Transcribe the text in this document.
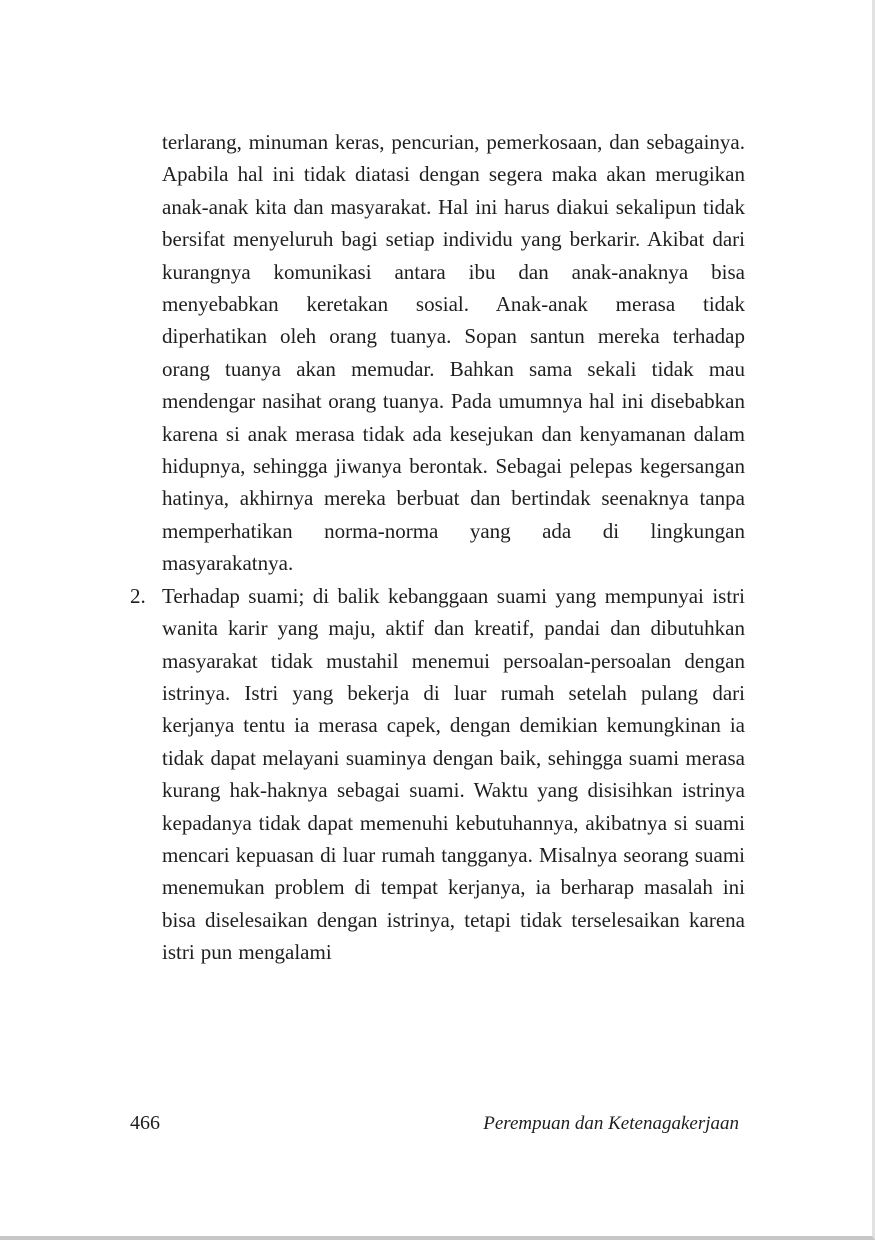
terlarang, minuman keras, pencurian, pemerkosaan, dan sebagainya. Apabila hal ini tidak diatasi dengan segera maka akan merugikan anak-anak kita dan masyarakat. Hal ini harus diakui sekalipun tidak bersifat menyeluruh bagi setiap individu yang berkarir. Akibat dari kurangnya komunikasi antara ibu dan anak-anaknya bisa menyebabkan keretakan sosial. Anak-anak merasa tidak diperhatikan oleh orang tuanya. Sopan santun mereka terhadap orang tuanya akan memudar. Bahkan sama sekali tidak mau mendengar nasihat orang tuanya. Pada umumnya hal ini disebabkan karena si anak merasa tidak ada kesejukan dan kenyamanan dalam hidupnya, sehingga jiwanya berontak. Sebagai pelepas kegersangan hatinya, akhirnya mereka berbuat dan bertindak seenaknya tanpa memperhatikan norma-norma yang ada di lingkungan masyarakatnya.
2. Terhadap suami; di balik kebanggaan suami yang mempunyai istri wanita karir yang maju, aktif dan kreatif, pandai dan dibutuhkan masyarakat tidak mustahil menemui persoalan-persoalan dengan istrinya. Istri yang bekerja di luar rumah setelah pulang dari kerjanya tentu ia merasa capek, dengan demikian kemungkinan ia tidak dapat melayani suaminya dengan baik, sehingga suami merasa kurang hak-haknya sebagai suami. Waktu yang disisihkan istrinya kepadanya tidak dapat memenuhi kebutuhannya, akibatnya si suami mencari kepuasan di luar rumah tangganya. Misalnya seorang suami menemukan problem di tempat kerjanya, ia berharap masalah ini bisa diselesaikan dengan istrinya, tetapi tidak terselesaikan karena istri pun mengalami
466	Perempuan dan Ketenagakerjaan
